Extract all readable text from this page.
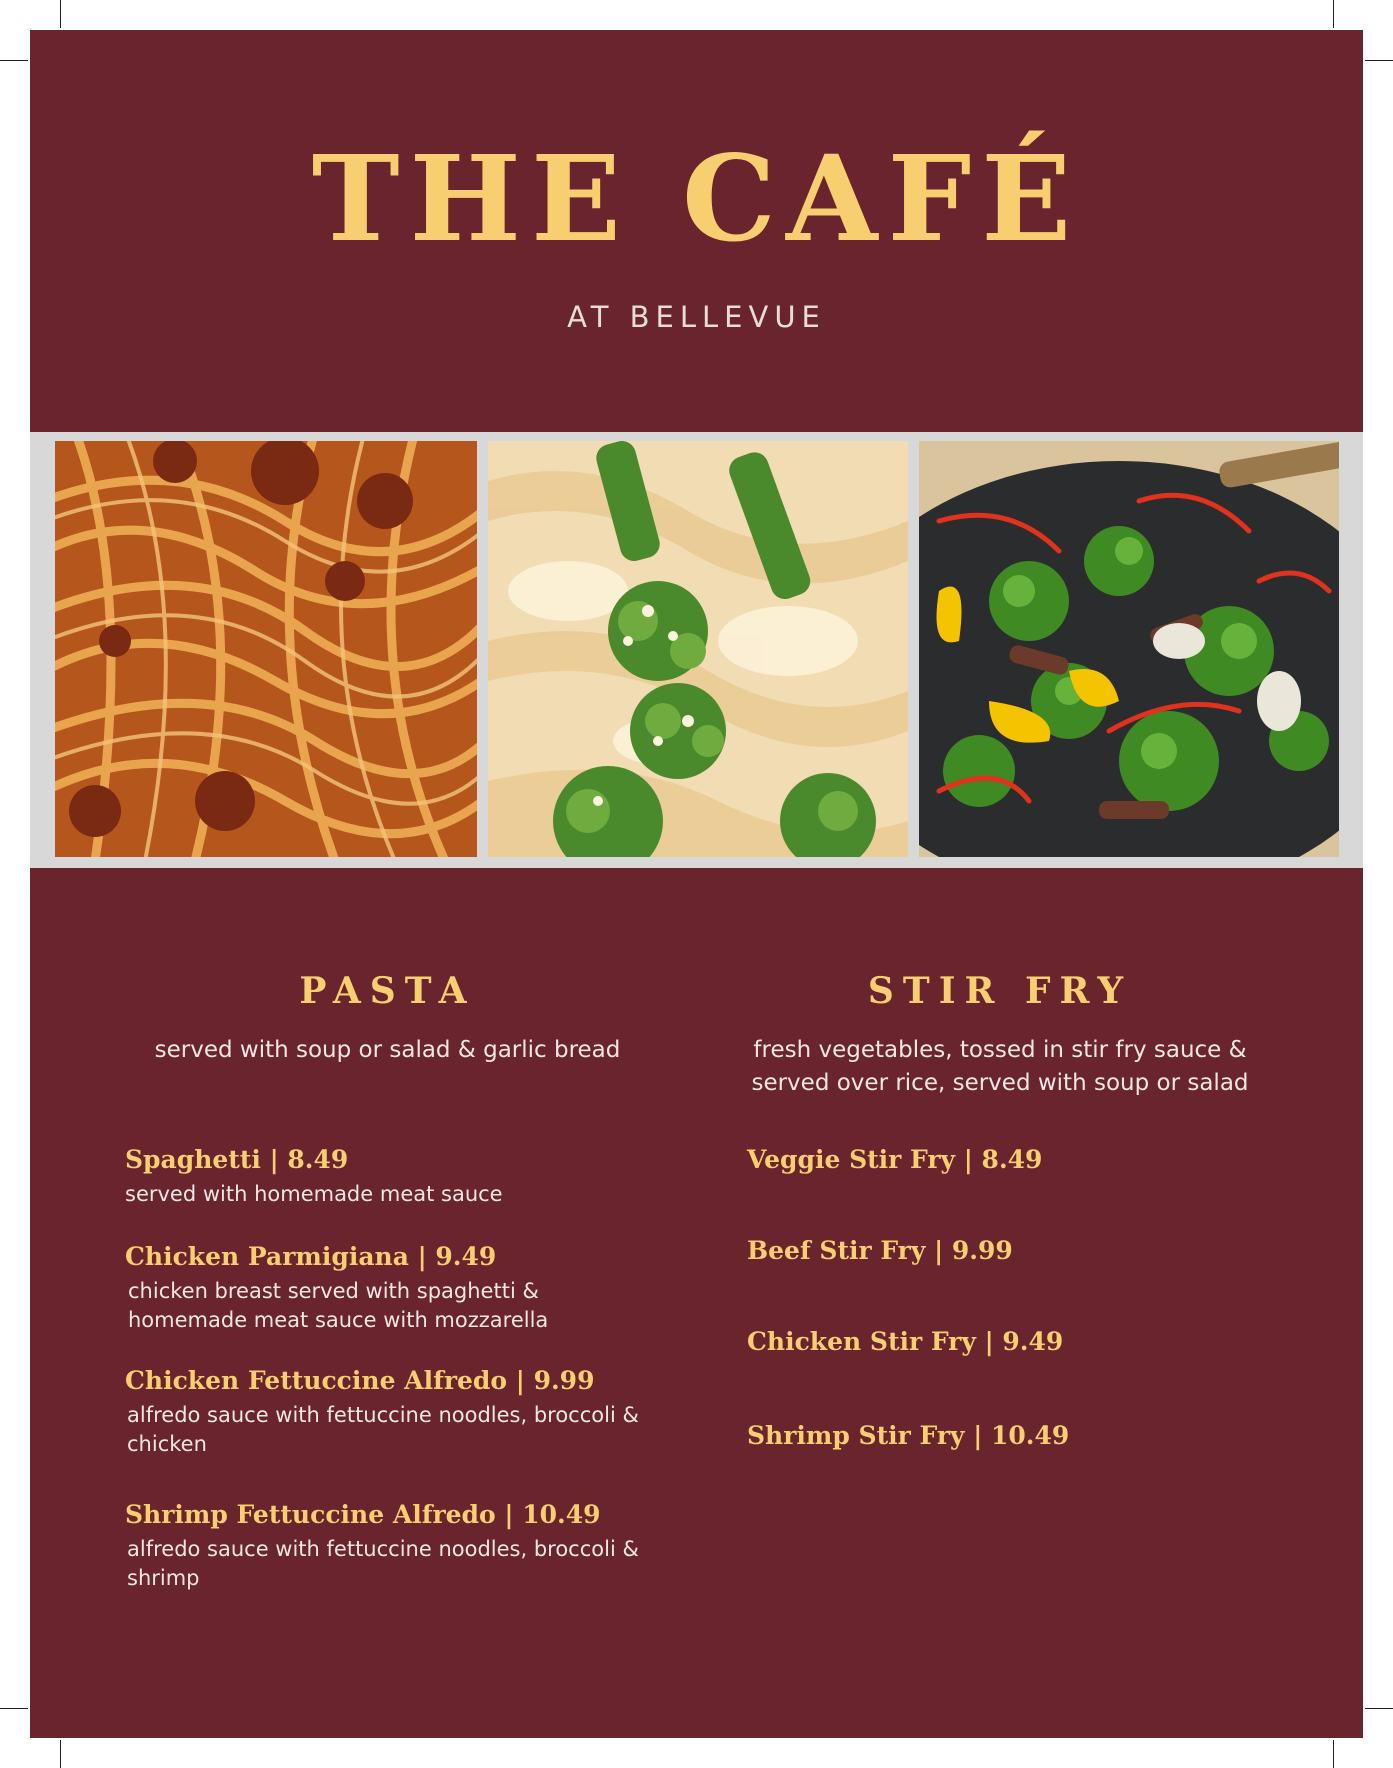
THE CAFÉ
AT BELLEVUE
PASTA
served with soup or salad & garlic bread
Spaghetti | 8.49
served with homemade meat sauce
Chicken Parmigiana | 9.49
chicken breast served with spaghetti & homemade meat sauce with mozzarella
Chicken Fettuccine Alfredo | 9.99
alfredo sauce with fettuccine noodles, broccoli & chicken
Shrimp Fettuccine Alfredo | 10.49
alfredo sauce with fettuccine noodles, broccoli & shrimp
STIR FRY
fresh vegetables, tossed in stir fry sauce & served over rice, served with soup or salad
Veggie Stir Fry | 8.49
Beef Stir Fry | 9.99
Chicken Stir Fry | 9.49
Shrimp Stir Fry | 10.49
